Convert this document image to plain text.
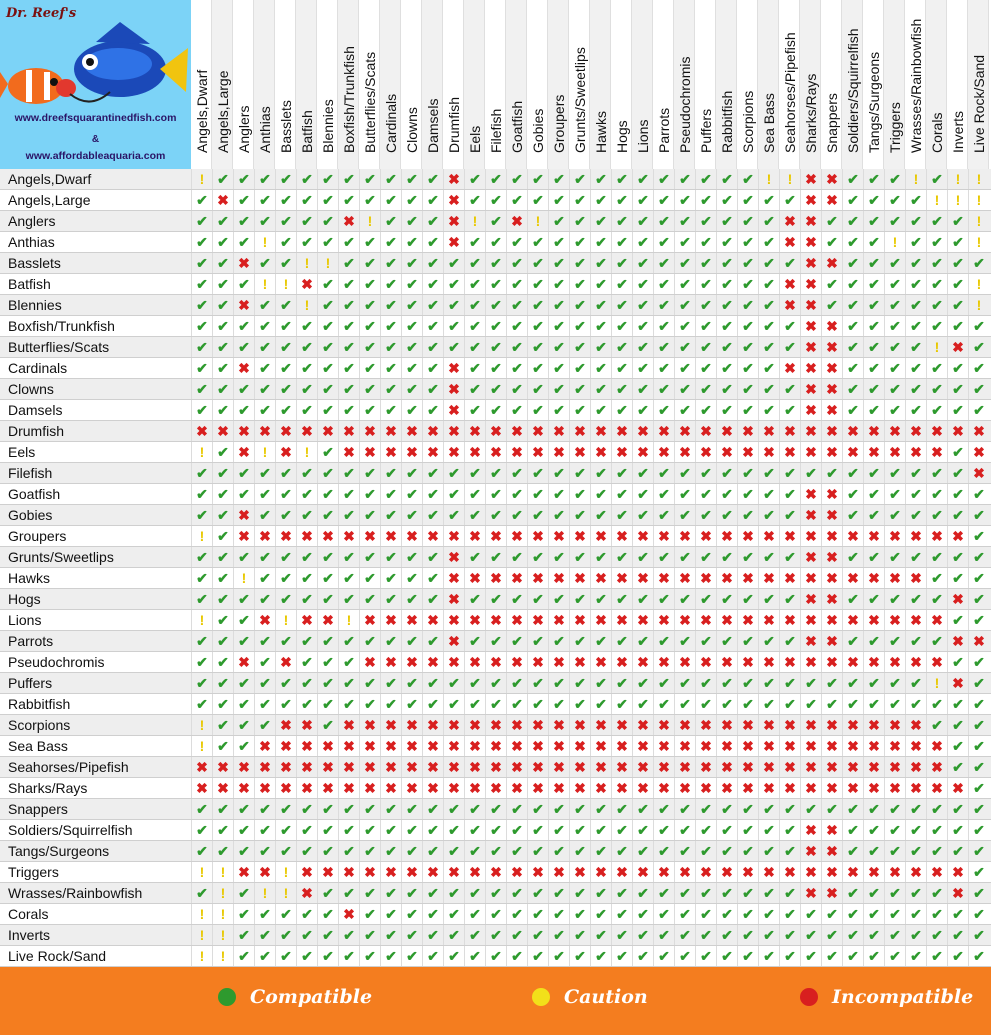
Dr. Reef's
www.dreefsquarantinedfish.com
&
www.affordableaquaria.com
Angels,Dwarf Angels,Large Anglers Anthias Basslets Batfish Blennies Boxfish/Trunkfish Butterflies/Scats Cardinals Clowns Damsels Drumfish Eels Filefish Goatfish Gobies Groupers Grunts/Sweetlips Hawks Hogs Lions Parrots Pseudochromis Puffers Rabbitfish Scorpions Sea Bass Seahorses/Pipefish Sharks/Rays Snappers Soldiers/Squirrelfish Tangs/Surgeons Triggers Wrasses/Rainbowfish Corals Inverts Live Rock/Sand
Angels,Dwarf	! ✔ ✔ ✔ ✔ ✔ ✔ ✔ ✔ ✔ ✔ ✔ ✖ ✔ ✔ ✔ ✔ ✔ ✔ ✔ ✔ ✔ ✔ ✔ ✔ ✔ ✔ !	! ✖ ✖ ✔ ✔ ✔ ! ✔ !	!
Angels,Large	✔ ✖ ✔ ✔ ✔ ✔ ✔ ✔ ✔ ✔ ✔ ✔ ✖ ✔ ✔ ✔ ✔ ✔ ✔ ✔ ✔ ✔ ✔ ✔ ✔ ✔ ✔ ✔ ✔ ✖ ✖ ✔ ✔ ✔ ✔ !	!	!
Anglers	✔ ✔ ✔ ✔ ✔ ✔ ✔ ✖ ! ✔ ✔ ✔ ✖ ! ✔ ✖ ! ✔ ✔ ✔ ✔ ✔ ✔ ✔ ✔ ✔ ✔ ✔ ✖ ✖ ✔ ✔ ✔ ✔ ✔ ✔ ✔ !
Anthias	✔ ✔ ✔ ! ✔ ✔ ✔ ✔ ✔ ✔ ✔ ✔ ✖ ✔ ✔ ✔ ✔ ✔ ✔ ✔ ✔ ✔ ✔ ✔ ✔ ✔ ✔ ✔ ✖ ✖ ✔ ✔ ✔ ! ✔ ✔ ✔ !
Basslets	✔ ✔ ✖ ✔ ✔ !	! ✔ ✔ ✔ ✔ ✔ ✔ ✔ ✔ ✔ ✔ ✔ ✔ ✔ ✔ ✔ ✔ ✔ ✔ ✔ ✔ ✔ ✔ ✖ ✖ ✔ ✔ ✔ ✔ ✔ ✔ ✔
Batfish	✔ ✔ ✔ !	! ✖ ✔ ✔ ✔ ✔ ✔ ✔ ✔ ✔ ✔ ✔ ✔ ✔ ✔ ✔ ✔ ✔ ✔ ✔ ✔ ✔ ✔ ✔ ✖ ✖ ✔ ✔ ✔ ✔ ✔ ✔ ✔ !
Blennies	✔ ✔ ✖ ✔ ✔ ! ✔ ✔ ✔ ✔ ✔ ✔ ✔ ✔ ✔ ✔ ✔ ✔ ✔ ✔ ✔ ✔ ✔ ✔ ✔ ✔ ✔ ✔ ✖ ✖ ✔ ✔ ✔ ✔ ✔ ✔ ✔ !
Boxfish/Trunkfish	✔ ✔ ✔ ✔ ✔ ✔ ✔ ✔ ✔ ✔ ✔ ✔ ✔ ✔ ✔ ✔ ✔ ✔ ✔ ✔ ✔ ✔ ✔ ✔ ✔ ✔ ✔ ✔ ✔ ✖ ✖ ✔ ✔ ✔ ✔ ✔ ✔ ✔
Butterflies/Scats	✔ ✔ ✔ ✔ ✔ ✔ ✔ ✔ ✔ ✔ ✔ ✔ ✔ ✔ ✔ ✔ ✔ ✔ ✔ ✔ ✔ ✔ ✔ ✔ ✔ ✔ ✔ ✔ ✔ ✖ ✖ ✔ ✔ ✔ ✔ ! ✖ ✔
Cardinals	✔ ✔ ✖ ✔ ✔ ✔ ✔ ✔ ✔ ✔ ✔ ✔ ✖ ✔ ✔ ✔ ✔ ✔ ✔ ✔ ✔ ✔ ✔ ✔ ✔ ✔ ✔ ✔ ✖ ✖ ✖ ✔ ✔ ✔ ✔ ✔ ✔ ✔
Clowns	✔ ✔ ✔ ✔ ✔ ✔ ✔ ✔ ✔ ✔ ✔ ✔ ✖ ✔ ✔ ✔ ✔ ✔ ✔ ✔ ✔ ✔ ✔ ✔ ✔ ✔ ✔ ✔ ✔ ✖ ✖ ✔ ✔ ✔ ✔ ✔ ✔ ✔
Damsels	✔ ✔ ✔ ✔ ✔ ✔ ✔ ✔ ✔ ✔ ✔ ✔ ✖ ✔ ✔ ✔ ✔ ✔ ✔ ✔ ✔ ✔ ✔ ✔ ✔ ✔ ✔ ✔ ✔ ✖ ✖ ✔ ✔ ✔ ✔ ✔ ✔ ✔
Drumfish	✖ ✖ ✖ ✖ ✖ ✖ ✖ ✖ ✖ ✖ ✖ ✖ ✖ ✖ ✖ ✖ ✖ ✖ ✖ ✖ ✖ ✖ ✖ ✖ ✖ ✖ ✖ ✖ ✖ ✖ ✖ ✖ ✖ ✖ ✖ ✖ ✖ ✖
Eels	! ✔ ✖ ! ✖ ! ✔ ✖ ✖ ✖ ✖ ✖ ✖ ✖ ✖ ✖ ✖ ✖ ✖ ✖ ✖ ✖ ✖ ✖ ✖ ✖ ✖ ✖ ✖ ✖ ✖ ✖ ✖ ✖ ✖ ✖ ✔ ✖
Filefish	✔ ✔ ✔ ✔ ✔ ✔ ✔ ✔ ✔ ✔ ✔ ✔ ✔ ✔ ✔ ✔ ✔ ✔ ✔ ✔ ✔ ✔ ✔ ✔ ✔ ✔ ✔ ✔ ✔ ✔ ✔ ✔ ✔ ✔ ✔ ✔ ✔ ✖
Goatfish	✔ ✔ ✔ ✔ ✔ ✔ ✔ ✔ ✔ ✔ ✔ ✔ ✔ ✔ ✔ ✔ ✔ ✔ ✔ ✔ ✔ ✔ ✔ ✔ ✔ ✔ ✔ ✔ ✔ ✖ ✖ ✔ ✔ ✔ ✔ ✔ ✔ ✔
Gobies	✔ ✔ ✖ ✔ ✔ ✔ ✔ ✔ ✔ ✔ ✔ ✔ ✔ ✔ ✔ ✔ ✔ ✔ ✔ ✔ ✔ ✔ ✔ ✔ ✔ ✔ ✔ ✔ ✔ ✖ ✖ ✔ ✔ ✔ ✔ ✔ ✔ ✔
Groupers	! ✔ ✖ ✖ ✖ ✖ ✖ ✖ ✖ ✖ ✖ ✖ ✖ ✖ ✖ ✖ ✖ ✖ ✖ ✖ ✖ ✖ ✖ ✖ ✖ ✖ ✖ ✖ ✖ ✖ ✖ ✖ ✖ ✖ ✖ ✖ ✖ ✔
Grunts/Sweetlips	✔ ✔ ✔ ✔ ✔ ✔ ✔ ✔ ✔ ✔ ✔ ✔ ✖ ✔ ✔ ✔ ✔ ✔ ✔ ✔ ✔ ✔ ✔ ✔ ✔ ✔ ✔ ✔ ✔ ✖ ✖ ✔ ✔ ✔ ✔ ✔ ✔ ✔
Hawks	✔ ✔ ! ✔ ✔ ✔ ✔ ✔ ✔ ✔ ✔ ✔ ✖ ✖ ✖ ✖ ✖ ✖ ✖ ✖ ✖ ✖ ✖ ✖ ✖ ✖ ✖ ✖ ✖ ✖ ✖ ✖ ✖ ✖ ✖ ✔ ✔ ✔
Hogs	✔ ✔ ✔ ✔ ✔ ✔ ✔ ✔ ✔ ✔ ✔ ✔ ✖ ✔ ✔ ✔ ✔ ✔ ✔ ✔ ✔ ✔ ✔ ✔ ✔ ✔ ✔ ✔ ✔ ✖ ✖ ✔ ✔ ✔ ✔ ✔ ✖ ✔
Lions	! ✔ ✔ ✖ ! ✖ ✖ ! ✖ ✖ ✖ ✖ ✖ ✖ ✖ ✖ ✖ ✖ ✖ ✖ ✖ ✖ ✖ ✖ ✖ ✖ ✖ ✖ ✖ ✖ ✖ ✖ ✖ ✖ ✖ ✖ ✔ ✔
Parrots	✔ ✔ ✔ ✔ ✔ ✔ ✔ ✔ ✔ ✔ ✔ ✔ ✖ ✔ ✔ ✔ ✔ ✔ ✔ ✔ ✔ ✔ ✔ ✔ ✔ ✔ ✔ ✔ ✔ ✖ ✖ ✔ ✔ ✔ ✔ ✔ ✖ ✖
Pseudochromis	✔ ✔ ✖ ✔ ✖ ✔ ✔ ✔ ✖ ✖ ✖ ✖ ✖ ✖ ✖ ✖ ✖ ✖ ✖ ✖ ✖ ✖ ✖ ✖ ✖ ✖ ✖ ✖ ✖ ✖ ✖ ✖ ✖ ✖ ✖ ✖ ✔ ✔
Puffers	✔ ✔ ✔ ✔ ✔ ✔ ✔ ✔ ✔ ✔ ✔ ✔ ✔ ✔ ✔ ✔ ✔ ✔ ✔ ✔ ✔ ✔ ✔ ✔ ✔ ✔ ✔ ✔ ✔ ✔ ✔ ✔ ✔ ✔ ✔ ! ✖ ✔
Rabbitfish	✔ ✔ ✔ ✔ ✔ ✔ ✔ ✔ ✔ ✔ ✔ ✔ ✔ ✔ ✔ ✔ ✔ ✔ ✔ ✔ ✔ ✔ ✔ ✔ ✔ ✔ ✔ ✔ ✔ ✔ ✔ ✔ ✔ ✔ ✔ ✔ ✔ ✔
Scorpions	! ✔ ✔ ✔ ✖ ✖ ✔ ✖ ✖ ✖ ✖ ✖ ✖ ✖ ✖ ✖ ✖ ✖ ✖ ✖ ✖ ✖ ✖ ✖ ✖ ✖ ✖ ✖ ✖ ✖ ✖ ✖ ✖ ✖ ✖ ✔ ✔ ✔
Sea Bass	! ✔ ✔ ✖ ✖ ✖ ✖ ✖ ✖ ✖ ✖ ✖ ✖ ✖ ✖ ✖ ✖ ✖ ✖ ✖ ✖ ✖ ✖ ✖ ✖ ✖ ✖ ✖ ✖ ✖ ✖ ✖ ✖ ✖ ✖ ✖ ✔ ✔
Seahorses/Pipefish	✖ ✖ ✖ ✖ ✖ ✖ ✖ ✖ ✖ ✖ ✖ ✖ ✖ ✖ ✖ ✖ ✖ ✖ ✖ ✖ ✖ ✖ ✖ ✖ ✖ ✖ ✖ ✖ ✖ ✖ ✖ ✖ ✖ ✖ ✖ ✖ ✔ ✔
Sharks/Rays	✖ ✖ ✖ ✖ ✖ ✖ ✖ ✖ ✖ ✖ ✖ ✖ ✖ ✖ ✖ ✖ ✖ ✖ ✖ ✖ ✖ ✖ ✖ ✖ ✖ ✖ ✖ ✖ ✖ ✖ ✖ ✖ ✖ ✖ ✖ ✖ ✖ ✔
Snappers	✔ ✔ ✔ ✔ ✔ ✔ ✔ ✔ ✔ ✔ ✔ ✔ ✔ ✔ ✔ ✔ ✔ ✔ ✔ ✔ ✔ ✔ ✔ ✔ ✔ ✔ ✔ ✔ ✔ ✔ ✔ ✔ ✔ ✔ ✔ ✔ ✔ ✔
Soldiers/Squirrelfish	✔ ✔ ✔ ✔ ✔ ✔ ✔ ✔ ✔ ✔ ✔ ✔ ✔ ✔ ✔ ✔ ✔ ✔ ✔ ✔ ✔ ✔ ✔ ✔ ✔ ✔ ✔ ✔ ✔ ✖ ✖ ✔ ✔ ✔ ✔ ✔ ✔ ✔
Tangs/Surgeons	✔ ✔ ✔ ✔ ✔ ✔ ✔ ✔ ✔ ✔ ✔ ✔ ✔ ✔ ✔ ✔ ✔ ✔ ✔ ✔ ✔ ✔ ✔ ✔ ✔ ✔ ✔ ✔ ✔ ✖ ✖ ✔ ✔ ✔ ✔ ✔ ✔ ✔
Triggers	!	! ✖ ✖ ! ✖ ✖ ✖ ✖ ✖ ✖ ✖ ✖ ✖ ✖ ✖ ✖ ✖ ✖ ✖ ✖ ✖ ✖ ✖ ✖ ✖ ✖ ✖ ✖ ✖ ✖ ✖ ✖ ✖ ✖ ✖ ✖ ✔
Wrasses/Rainbowfish	✔ ! ✔ !	! ✖ ✔ ✔ ✔ ✔ ✔ ✔ ✔ ✔ ✔ ✔ ✔ ✔ ✔ ✔ ✔ ✔ ✔ ✔ ✔ ✔ ✔ ✔ ✔ ✖ ✖ ✔ ✔ ✔ ✔ ✔ ✖ ✔
Corals	!	! ✔ ✔ ✔ ✔ ✔ ✖ ✔ ✔ ✔ ✔ ✔ ✔ ✔ ✔ ✔ ✔ ✔ ✔ ✔ ✔ ✔ ✔ ✔ ✔ ✔ ✔ ✔ ✔ ✔ ✔ ✔ ✔ ✔ ✔ ✔ ✔
Inverts	!	! ✔ ✔ ✔ ✔ ✔ ✔ ✔ ✔ ✔ ✔ ✔ ✔ ✔ ✔ ✔ ✔ ✔ ✔ ✔ ✔ ✔ ✔ ✔ ✔ ✔ ✔ ✔ ✔ ✔ ✔ ✔ ✔ ✔ ✔ ✔ ✔
Live Rock/Sand	!	! ✔ ✔ ✔ ✔ ✔ ✔ ✔ ✔ ✔ ✔ ✔ ✔ ✔ ✔ ✔ ✔ ✔ ✔ ✔ ✔ ✔ ✔ ✔ ✔ ✔ ✔ ✔ ✔ ✔ ✔ ✔ ✔ ✔ ✔ ✔ ✔
Compatible	Caution	Incompatible
